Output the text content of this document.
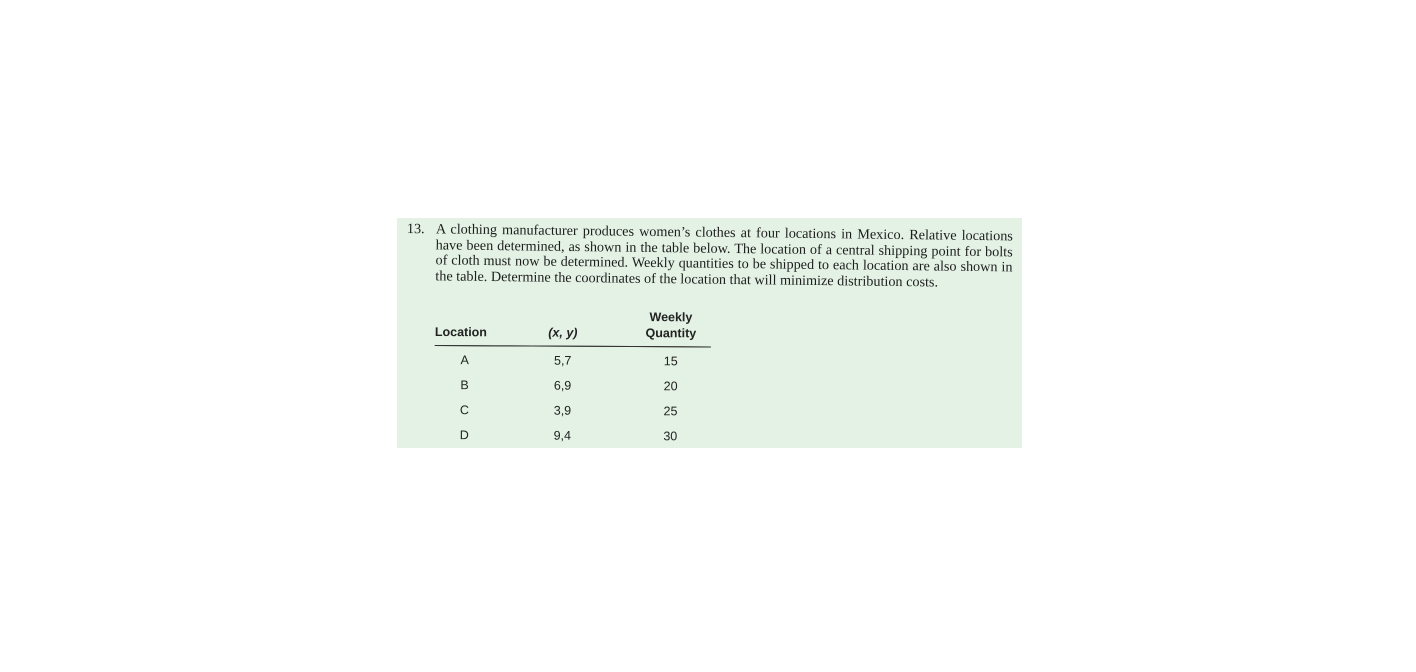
13. A clothing manufacturer produces women’s clothes at four locations in Mexico. Relative locations have been determined, as shown in the table below. The location of a central shipping point for bolts of cloth must now be determined. Weekly quantities to be shipped to each location are also shown in the table. Determine the coordinates of the location that will minimize distribution costs.
Location	(x, y)	Weekly
Quantity

A	5,7	15
B	6,9	20
C	3,9	25
D	9,4	30
